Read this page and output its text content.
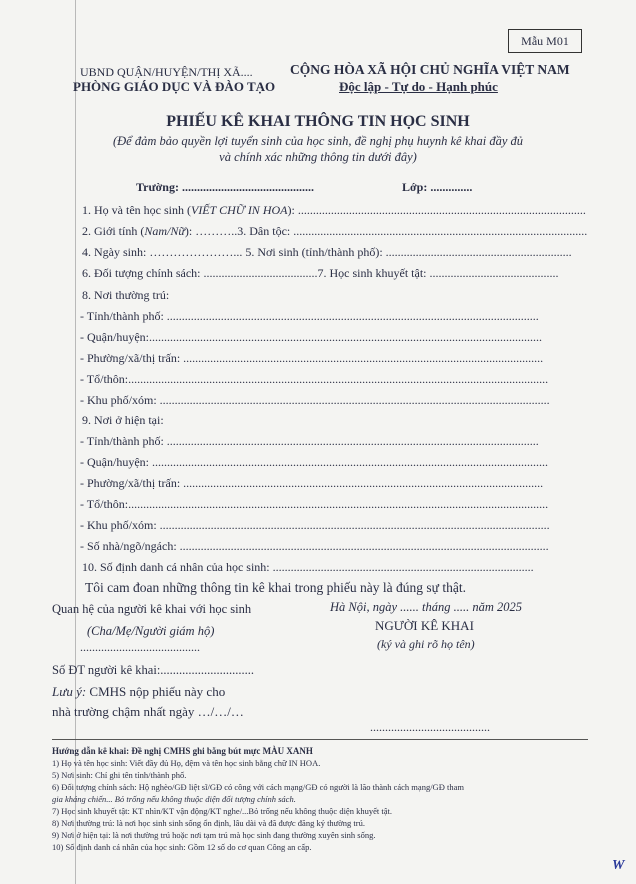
Mẫu M01
UBND QUẬN/HUYỆN/THỊ XÃ....
PHÒNG GIÁO DỤC VÀ ĐÀO TẠO
CỘNG HÒA XÃ HỘI CHỦ NGHĨA VIỆT NAM
Độc lập - Tự do - Hạnh phúc
PHIẾU KÊ KHAI THÔNG TIN HỌC SINH
(Để đảm bảo quyền lợi tuyển sinh của học sinh, đề nghị phụ huynh kê khai đầy đủ
và chính xác những thông tin dưới đây)
Trường: ............................................	Lớp: ..............
1. Họ và tên học sinh (VIẾT CHỮ IN HOA): ................................................................................................
2. Giới tính (Nam/Nữ): ………..3. Dân tộc: ..................................................................................................
4. Ngày sinh: …………………... 5. Nơi sinh (tỉnh/thành phố): ..............................................................
6. Đối tượng chính sách: ......................................7. Học sinh khuyết tật: ...........................................
8. Nơi thường trú:
- Tỉnh/thành phố: ............................................................................................................................
- Quận/huyện:...................................................................................................................................
- Phường/xã/thị trấn: ........................................................................................................................
- Tổ/thôn:............................................................................................................................................
- Khu phố/xóm: ..................................................................................................................................
9. Nơi ở hiện tại:
- Tỉnh/thành phố: ............................................................................................................................
- Quận/huyện: ....................................................................................................................................
- Phường/xã/thị trấn: ........................................................................................................................
- Tổ/thôn:............................................................................................................................................
- Khu phố/xóm: ..................................................................................................................................
- Số nhà/ngõ/ngách: ...........................................................................................................................
10. Số định danh cá nhân của học sinh: .......................................................................................
Tôi cam đoan những thông tin kê khai trong phiếu này là đúng sự thật.
Quan hệ của người kê khai với học sinh
(Cha/Mẹ/Người giám hộ)
........................................
Hà Nội, ngày ...... tháng ..... năm 2025
NGƯỜI KÊ KHAI
(ký và ghi rõ họ tên)
Số ĐT người kê khai:..............................
Lưu ý: CMHS nộp phiếu này cho
nhà trường chậm nhất ngày …/…/…
........................................
Hướng dẫn kê khai: Đề nghị CMHS ghi bằng bút mực MÀU XANH
1) Họ và tên học sinh: Viết đầy đủ Họ, đệm và tên học sinh bằng chữ IN HOA.
5) Nơi sinh: Chỉ ghi tên tỉnh/thành phố.
6) Đối tượng chính sách: Hộ nghèo/GĐ liệt sĩ/GĐ có công với cách mạng/GĐ có người là lão thành cách mạng/GĐ tham
gia kháng chiến... Bỏ trống nếu không thuộc diện đối tượng chính sách.
7) Học sinh khuyết tật: KT nhìn/KT vận động/KT nghe/...Bỏ trống nếu không thuộc diện khuyết tật.
8) Nơi thường trú: là nơi học sinh sinh sống ổn định, lâu dài và đã được đăng ký thường trú.
9) Nơi ở hiện tại: là nơi thường trú hoặc nơi tạm trú mà học sinh đang thường xuyên sinh sống.
10) Số định danh cá nhân của học sinh: Gồm 12 số do cơ quan Công an cấp.
W
